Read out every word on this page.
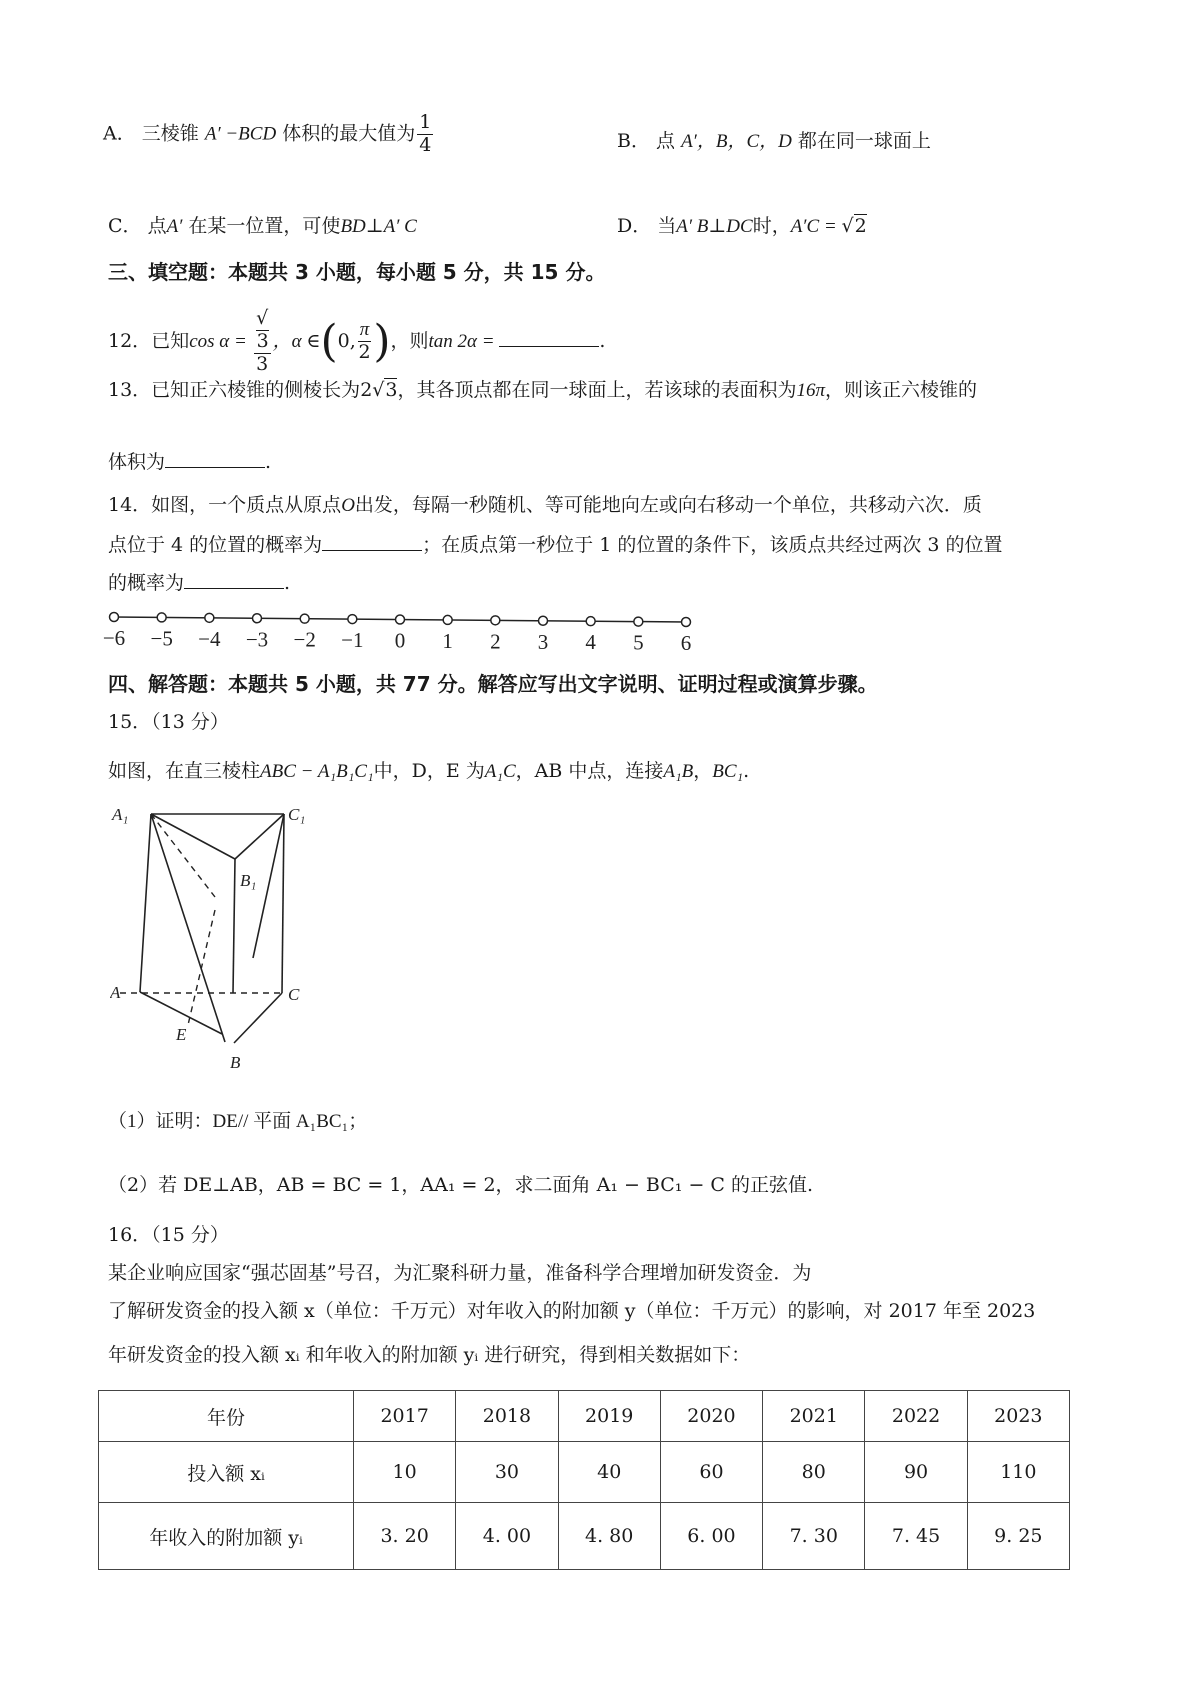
A． 三棱锥 A′ −BCD 体积的最大值为 $\frac{1}{4}$	B． 点 A′，B，C，D 都在同一球面上
C． 点A′ 在某一位置，可使BD⊥A′ C	D． 当A′ B⊥DC时，A′C = √2
三、填空题：本题共 3 小题，每小题 5 分，共 15 分。
12．已知cos α = √
3
3 ，α ∈(0, $\frac{\pi}{2}$ )，则tan 2α =	.
13．已知正六棱锥的侧棱长为2√3，其各顶点都在同一球面上，若该球的表面积为16π，则该正六棱锥的
体积为	.
14．如图，一个质点从原点O出发，每隔一秒随机、等可能地向左或向右移动一个单位，共移动六次．质
点位于 4 的位置的概率为	；在质点第一秒位于 1 的位置的条件下，该质点共经过两次 3 的位置
的概率为	.
−6 −5 −4 −3 −2 −1 0 1 2 3 4 5 6
四、解答题：本题共 5 小题，共 77 分。解答应写出文字说明、证明过程或演算步骤。
15．（13 分）
如图，在直三棱柱ABC − A₁B₁C₁中，D，E 为A₁C，AB 中点，连接A₁B，BC₁.
A₁	C₁
B₁
A	C
E
B
（1）证明：DE// 平面 A₁BC₁；
（2）若 DE⊥AB，AB = BC = 1，AA₁ = 2，求二面角 A₁ − BC₁ − C 的正弦值.
16．（15 分）
某企业响应国家“强芯固基”号召，为汇聚科研力量，准备科学合理增加研发资金．为
了解研发资金的投入额 x（单位：千万元）对年收入的附加额 y（单位：千万元）的影响，对 2017 年至 2023
年研发资金的投入额 xᵢ 和年收入的附加额 yᵢ 进行研究，得到相关数据如下：
年份	2017	2018	2019	2020	2021	2022	2023
投入额 xᵢ	10	30	40	60	80	90	110
年收入的附加额 yᵢ	3. 20	4. 00	4. 80	6. 00	7. 30	7. 45	9. 25
